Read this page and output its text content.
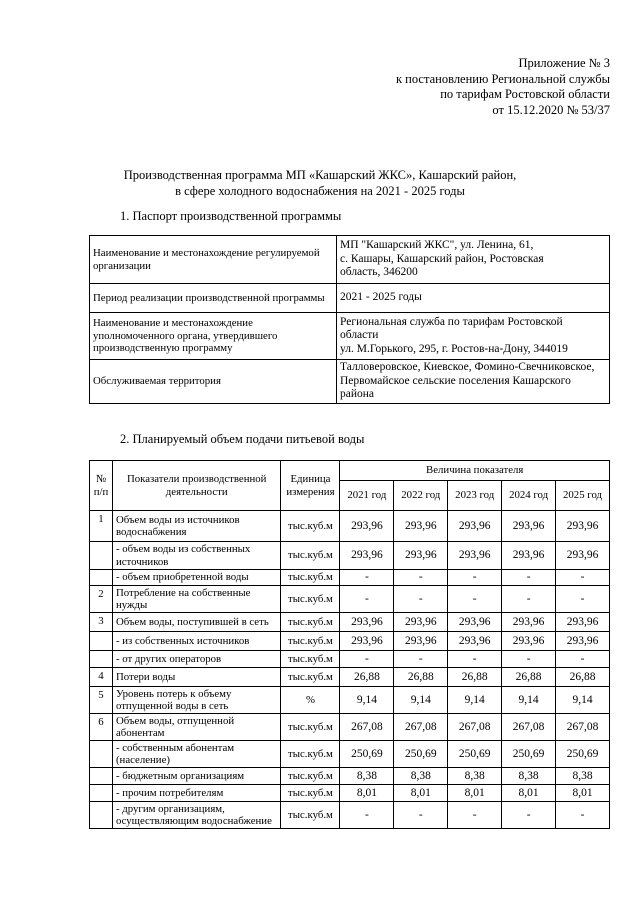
Приложение № 3
к постановлению Региональной службы
по тарифам Ростовской области
от 15.12.2020 № 53/37
Производственная программа МП «Кашарский ЖКС», Кашарский район,
в сфере холодного водоснабжения на 2021 - 2025 годы
1. Паспорт производственной программы
Наименование и местонахождение регулируемой организации	МП "Кашарский ЖКС", ул. Ленина, 61,
с. Кашары, Кашарский район, Ростовская
область, 346200

Период реализации производственной программы	2021 - 2025 годы

Наименование и местонахождение уполномоченного органа, утвердившего производственную программу	Региональная служба по тарифам Ростовской
области
ул. М.Горького, 295, г. Ростов-на-Дону, 344019

Обслуживаемая территория	Талловеровское, Киевское, Фомино-Свечниковское,
Первомайское сельские поселения Кашарского
района
2. Планируемый объем подачи питьевой воды
№ п/п	Показатели производственной деятельности	Единица измерения	Величина показателя				
			2021 год	2022 год	2023 год	2024 год	2025 год
1	Объем воды из источников водоснабжения	тыс.куб.м	293,96	293,96	293,96	293,96	293,96
	- объем воды из собственных источников	тыс.куб.м	293,96	293,96	293,96	293,96	293,96
	- объем приобретенной воды	тыс.куб.м	-	-	-	-	-
2	Потребление на собственные нужды	тыс.куб.м	-	-	-	-	-
3	Объем воды, поступившей в сеть	тыс.куб.м	293,96	293,96	293,96	293,96	293,96
	- из собственных источников	тыс.куб.м	293,96	293,96	293,96	293,96	293,96
	- от других операторов	тыс.куб.м	-	-	-	-	-
4	Потери воды	тыс.куб.м	26,88	26,88	26,88	26,88	26,88
5	Уровень потерь к объему отпущенной воды в сеть	%	9,14	9,14	9,14	9,14	9,14
6	Объем воды, отпущенной абонентам	тыс.куб.м	267,08	267,08	267,08	267,08	267,08
	- собственным абонентам (население)	тыс.куб.м	250,69	250,69	250,69	250,69	250,69
	- бюджетным организациям	тыс.куб.м	8,38	8,38	8,38	8,38	8,38
	- прочим потребителям	тыс.куб.м	8,01	8,01	8,01	8,01	8,01
	- другим организациям, осуществляющим водоснабжение	тыс.куб.м	-	-	-	-	-
